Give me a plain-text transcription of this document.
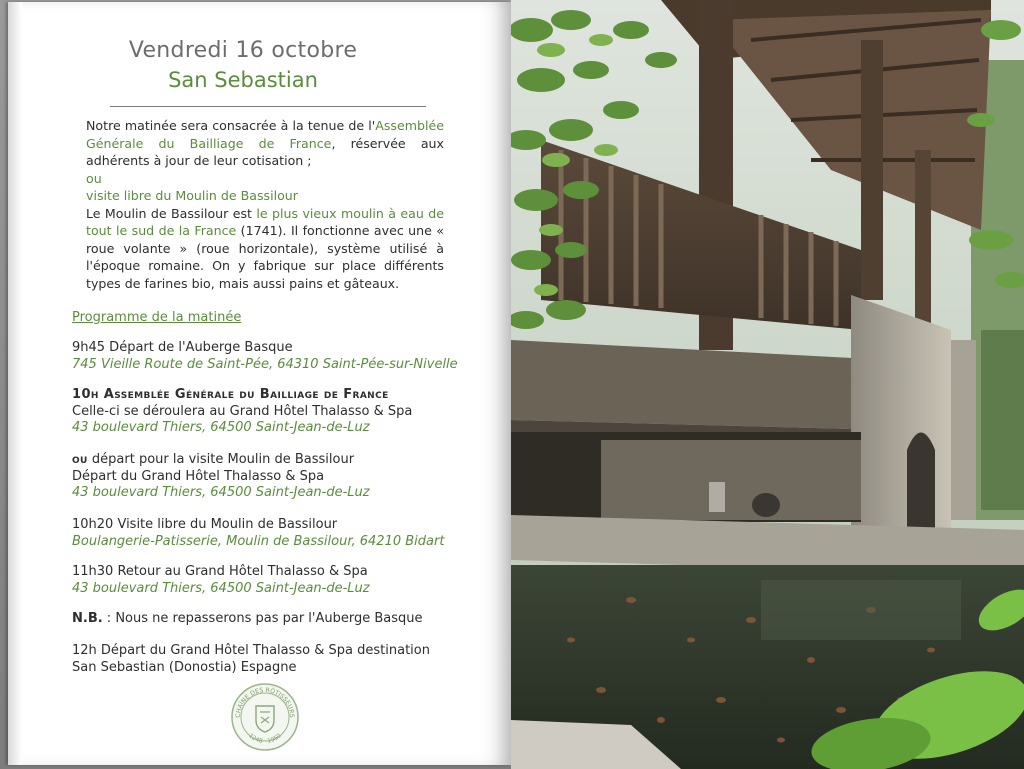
Vendredi 16 octobre
San Sebastian
Notre matinée sera consacrée à la tenue de l'Assemblée Générale du Bailliage de France, réservée aux adhérents à jour de leur cotisation ;
ou
visite libre du Moulin de Bassilour
Le Moulin de Bassilour est le plus vieux moulin à eau de tout le sud de la France (1741). Il fonctionne avec une « roue volante » (roue horizontale), système utilisé à l'époque romaine. On y fabrique sur place différents types de farines bio, mais aussi pains et gâteaux.
Programme de la matinée
9h45 Départ de l'Auberge Basque
745 Vieille Route de Saint-Pée, 64310 Saint-Pée-sur-Nivelle
10h Assemblée Générale du Bailliage de France
Celle-ci se déroulera au Grand Hôtel Thalasso & Spa
43 boulevard Thiers, 64500 Saint-Jean-de-Luz
ou départ pour la visite Moulin de Bassilour
Départ du Grand Hôtel Thalasso & Spa
43 boulevard Thiers, 64500 Saint-Jean-de-Luz
10h20 Visite libre du Moulin de Bassilour
Boulangerie-Patisserie, Moulin de Bassilour, 64210 Bidart
11h30 Retour au Grand Hôtel Thalasso & Spa
43 boulevard Thiers, 64500 Saint-Jean-de-Luz
N.B. : Nous ne repasserons pas par l'Auberge Basque
12h Départ du Grand Hôtel Thalasso & Spa destination
San Sebastian (Donostia) Espagne
CHAÎNE DES RÔTISSEURS
1248 · 1950
